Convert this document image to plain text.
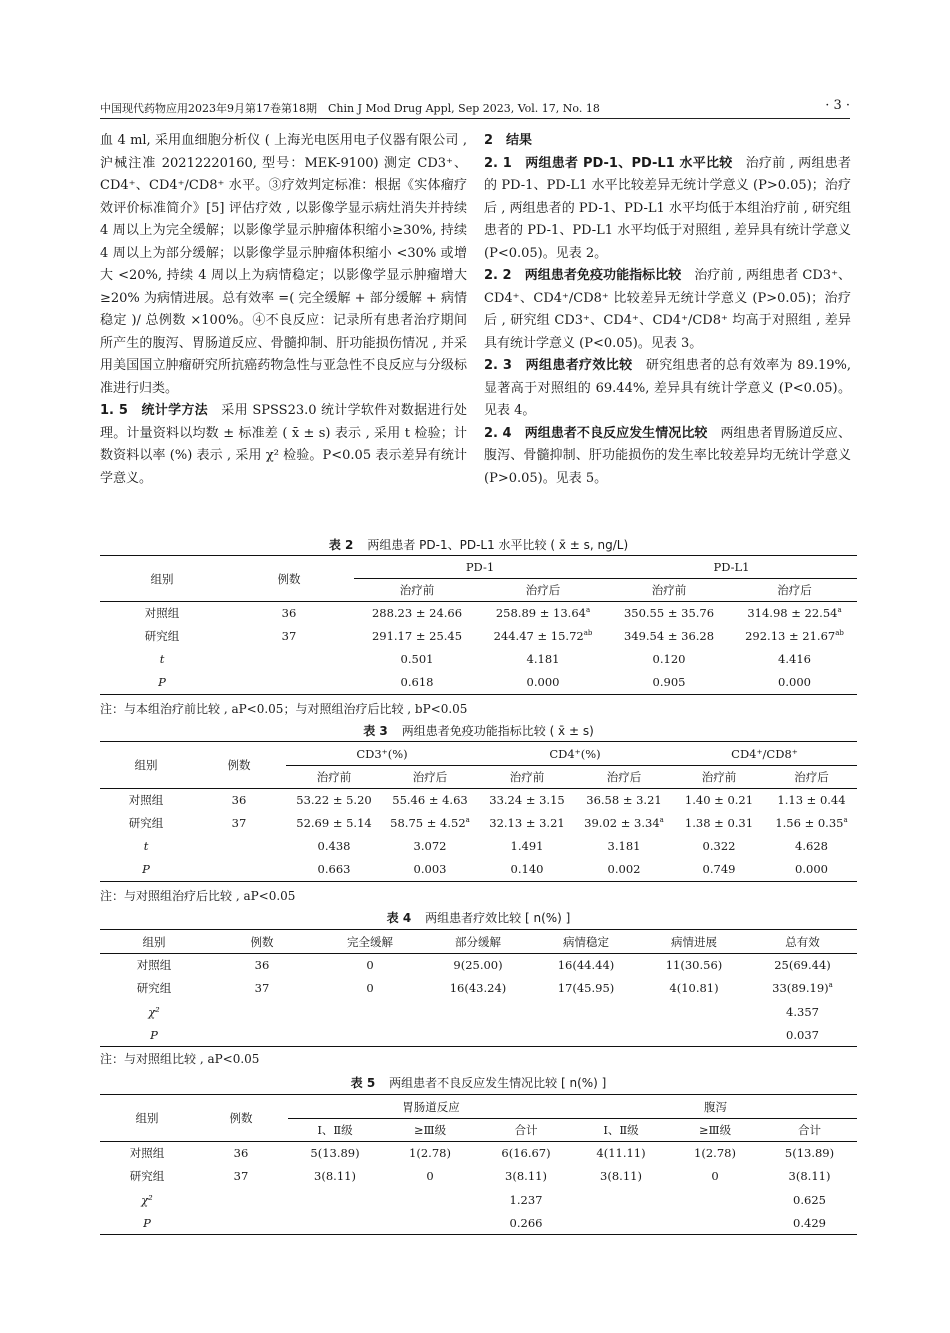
中国现代药物应用2023年9月第17卷第18期　Chin J Mod Drug Appl, Sep 2023, Vol. 17, No. 18	· 3 ·

血 4 ml, 采用血细胞分析仪 ( 上海光电医用电子仪器有限公司 , 沪械注准 20212220160, 型号：MEK-9100) 测定 CD3⁺、CD4⁺、CD4⁺/CD8⁺ 水平。③疗效判定标准：根据《实体瘤疗效评价标准简介》[5] 评估疗效 , 以影像学显示病灶消失并持续 4 周以上为完全缓解；以影像学显示肿瘤体积缩小≥30%, 持续 4 周以上为部分缓解；以影像学显示肿瘤体积缩小 <30% 或增大 <20%, 持续 4 周以上为病情稳定；以影像学显示肿瘤增大≥20% 为病情进展。总有效率 =( 完全缓解 + 部分缓解 + 病情稳定 )/ 总例数 ×100%。④不良反应：记录所有患者治疗期间所产生的腹泻、胃肠道反应、骨髓抑制、肝功能损伤情况 , 并采用美国国立肿瘤研究所抗癌药物急性与亚急性不良反应与分级标准进行归类。

1. 5　统计学方法　采用 SPSS23.0 统计学软件对数据进行处理。计量资料以均数 ± 标准差 ( x̄ ± s) 表示 , 采用 t 检验；计数资料以率 (%) 表示 , 采用 χ² 检验。P<0.05 表示差异有统计学意义。

2　结果

2. 1　两组患者 PD-1、PD-L1 水平比较　治疗前 , 两组患者的 PD-1、PD-L1 水平比较差异无统计学意义 (P>0.05)；治疗后 , 两组患者的 PD-1、PD-L1 水平均低于本组治疗前 , 研究组患者的 PD-1、PD-L1 水平均低于对照组 , 差异具有统计学意义 (P<0.05)。见表 2。

2. 2　两组患者免疫功能指标比较　治疗前 , 两组患者 CD3⁺、CD4⁺、CD4⁺/CD8⁺ 比较差异无统计学意义 (P>0.05)；治疗后 , 研究组 CD3⁺、CD4⁺、CD4⁺/CD8⁺ 均高于对照组 , 差异具有统计学意义 (P<0.05)。见表 3。

2. 3　两组患者疗效比较　研究组患者的总有效率为 89.19%, 显著高于对照组的 69.44%, 差异具有统计学意义 (P<0.05)。见表 4。

2. 4　两组患者不良反应发生情况比较　两组患者胃肠道反应、腹泻、骨髓抑制、肝功能损伤的发生率比较差异均无统计学意义 (P>0.05)。见表 5。

表 2 两组患者 PD-1、PD-L1 水平比较 ( x̄ ± s, ng/L)
组别	例数	PD-1		PD-L1	
		治疗前	治疗后	治疗前	治疗后
对照组	36	288.23 ± 24.66	258.89 ± 13.64$^a$	350.55 ± 35.76	314.98 ± 22.54$^a$
研究组	37	291.17 ± 25.45	244.47 ± 15.72$^{ab}$	349.54 ± 36.28	292.13 ± 21.67$^{ab}$
t		0.501	4.181	0.120	4.416
P		0.618	0.000	0.905	0.000
注：与本组治疗前比较 , aP<0.05；与对照组治疗后比较 , bP<0.05
表 3 两组患者免疫功能指标比较 ( x̄ ± s)
组别	例数	CD3⁺(%)		CD4⁺(%)		CD4⁺/CD8⁺	
		治疗前	治疗后	治疗前	治疗后	治疗前	治疗后
对照组	36	53.22 ± 5.20	55.46 ± 4.63	33.24 ± 3.15	36.58 ± 3.21	1.40 ± 0.21	1.13 ± 0.44
研究组	37	52.69 ± 5.14	58.75 ± 4.52$^a$	32.13 ± 3.21	39.02 ± 3.34$^a$	1.38 ± 0.31	1.56 ± 0.35$^a$
t		0.438	3.072	1.491	3.181	0.322	4.628
P		0.663	0.003	0.140	0.002	0.749	0.000
注：与对照组治疗后比较 , aP<0.05
表 4 两组患者疗效比较 [ n(%) ]
组别	例数	完全缓解	部分缓解	病情稳定	病情进展	总有效
对照组	36	0	9(25.00)	16(44.44)	11(30.56)	25(69.44)
研究组	37	0	16(43.24)	17(45.95)	4(10.81)	$33(89.19)^a$
χ²						4.357
P						0.037
注：与对照组比较 , aP<0.05
表 5 两组患者不良反应发生情况比较 [ n(%) ]
组别	例数	胃肠道反应			腹泻		
		Ⅰ、Ⅱ级	≥Ⅲ级	合计	Ⅰ、Ⅱ级	≥Ⅲ级	合计
对照组	36	5(13.89)	1(2.78)	6(16.67)	4(11.11)	1(2.78)	5(13.89)
研究组	37	3(8.11)	0	3(8.11)	3(8.11)	0	3(8.11)
χ²				1.237			0.625
P				0.266			0.429
